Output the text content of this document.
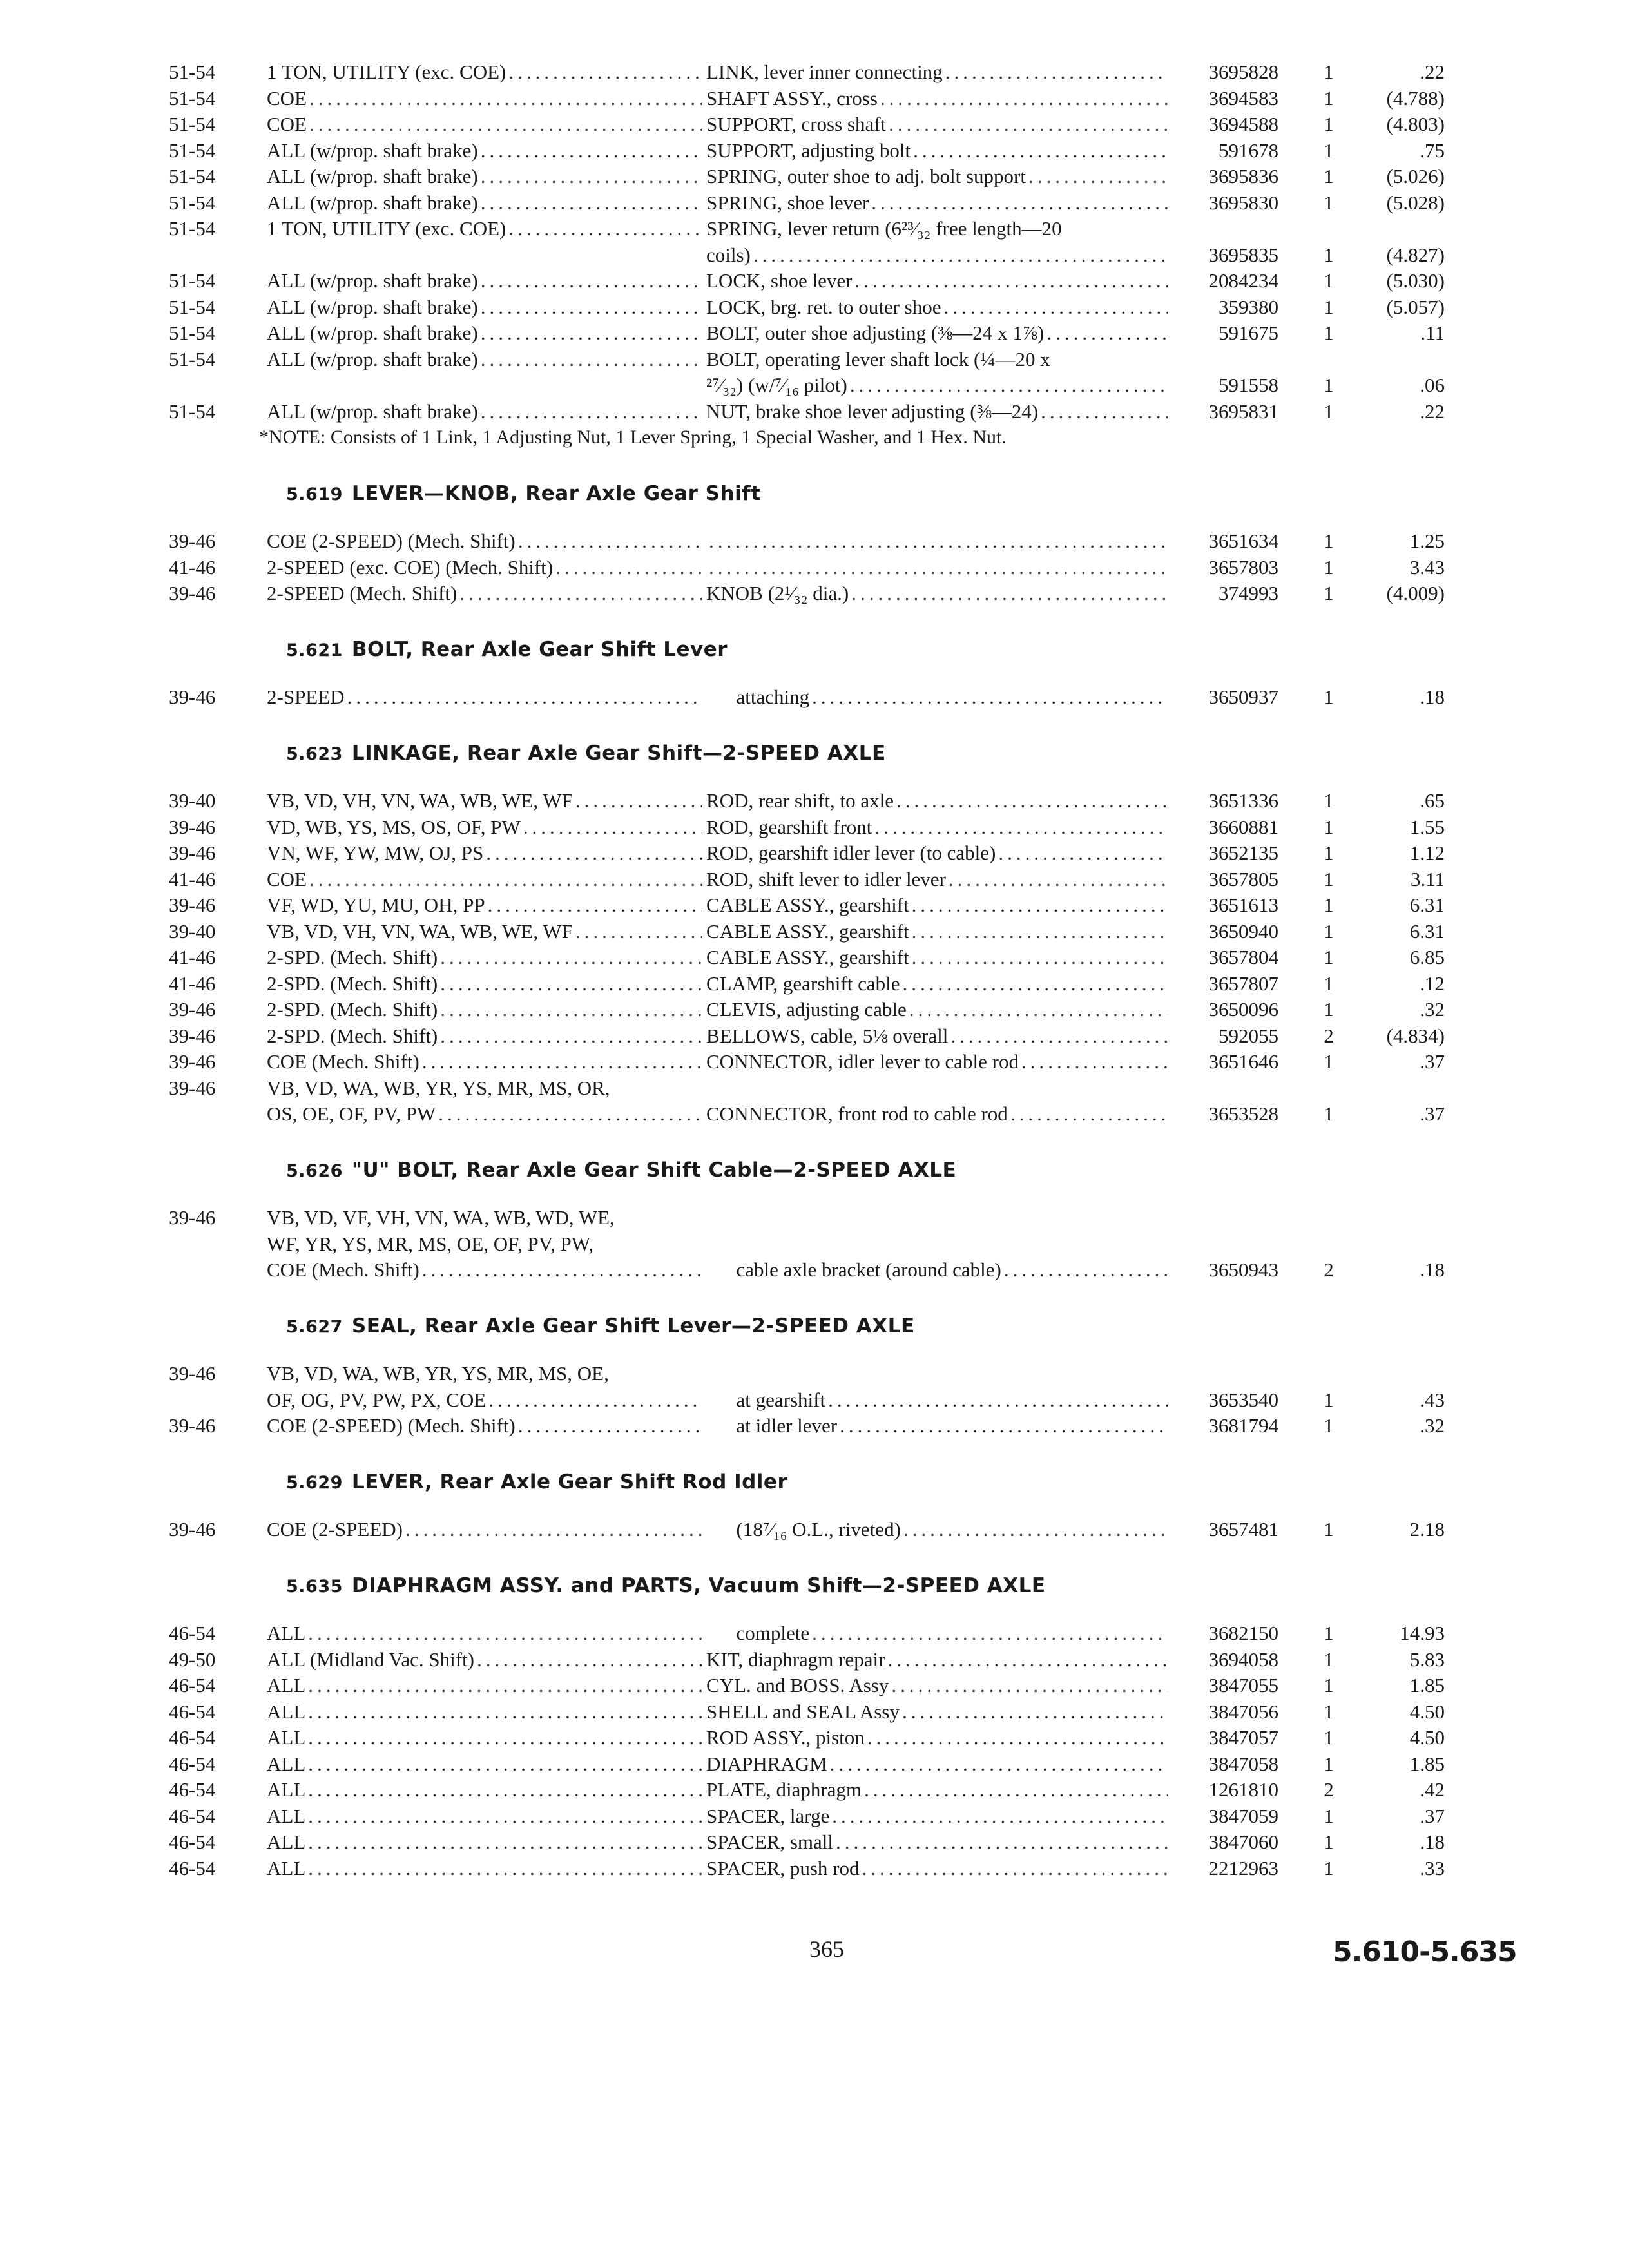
51-54	1 TON, UTILITY (exc. COE) .....	LINK, lever inner connecting .....	3695828	1	.22
51-54	COE .....	SHAFT ASSY., cross .....	3694583	1	(4.788)
51-54	COE .....	SUPPORT, cross shaft .....	3694588	1	(4.803)
51-54	ALL (w/prop. shaft brake) .....	SUPPORT, adjusting bolt .....	591678	1	.75
51-54	ALL (w/prop. shaft brake) .....	SPRING, outer shoe to adj. bolt support .....	3695836	1	(5.026)
51-54	ALL (w/prop. shaft brake) .....	SPRING, shoe lever .....	3695830	1	(5.028)
51-54	1 TON, UTILITY (exc. COE) .....	SPRING, lever return (6²³⁄₃₂ free length—20
coils) .....	3695835	1	(4.827)
51-54	ALL (w/prop. shaft brake) .....	LOCK, shoe lever .....	2084234	1	(5.030)
51-54	ALL (w/prop. shaft brake) .....	LOCK, brg. ret. to outer shoe .....	359380	1	(5.057)
51-54	ALL (w/prop. shaft brake) .....	BOLT, outer shoe adjusting (⅜—24 x 1⅞) .....	591675	1	.11
51-54	ALL (w/prop. shaft brake) .....	BOLT, operating lever shaft lock (¼—20 x
²⁷⁄₃₂) (w/⁷⁄₁₆ pilot) .....	591558	1	.06
51-54	ALL (w/prop. shaft brake) .....	NUT, brake shoe lever adjusting (⅜—24) .....	3695831	1	.22
*NOTE: Consists of 1 Link, 1 Adjusting Nut, 1 Lever Spring, 1 Special Washer, and 1 Hex. Nut.
5.619 LEVER—KNOB, Rear Axle Gear Shift
39-46	COE (2-SPEED) (Mech. Shift) ..... .....	3651634	1	1.25
41-46	2-SPEED (exc. COE) (Mech. Shift) ..... .....	3657803	1	3.43
39-46	2-SPEED (Mech. Shift) .....	KNOB (2¹⁄₃₂ dia.) .....	374993	1	(4.009)
5.621 BOLT, Rear Axle Gear Shift Lever
39-46	2-SPEED .....	attaching .....	3650937	1	.18
5.623 LINKAGE, Rear Axle Gear Shift—2-SPEED AXLE
39-40	VB, VD, VH, VN, WA, WB, WE, WF .....	ROD, rear shift, to axle .....	3651336	1	.65
39-46	VD, WB, YS, MS, OS, OF, PW .....	ROD, gearshift front .....	3660881	1	1.55
39-46	VN, WF, YW, MW, OJ, PS .....	ROD, gearshift idler lever (to cable) .....	3652135	1	1.12
41-46	COE .....	ROD, shift lever to idler lever .....	3657805	1	3.11
39-46	VF, WD, YU, MU, OH, PP .....	CABLE ASSY., gearshift .....	3651613	1	6.31
39-40	VB, VD, VH, VN, WA, WB, WE, WF .....	CABLE ASSY., gearshift .....	3650940	1	6.31
41-46	2-SPD. (Mech. Shift) .....	CABLE ASSY., gearshift .....	3657804	1	6.85
41-46	2-SPD. (Mech. Shift) .....	CLAMP, gearshift cable .....	3657807	1	.12
39-46	2-SPD. (Mech. Shift) .....	CLEVIS, adjusting cable .....	3650096	1	.32
39-46	2-SPD. (Mech. Shift) .....	BELLOWS, cable, 5⅛ overall .....	592055	2	(4.834)
39-46	COE (Mech. Shift) .....	CONNECTOR, idler lever to cable rod .....	3651646	1	.37
39-46	VB, VD, WA, WB, YR, YS, MR, MS, OR,
OS, OE, OF, PV, PW .....	CONNECTOR, front rod to cable rod .....	3653528	1	.37
5.626 "U" BOLT, Rear Axle Gear Shift Cable—2-SPEED AXLE
39-46	VB, VD, VF, VH, VN, WA, WB, WD, WE,
WF, YR, YS, MR, MS, OE, OF, PV, PW,
COE (Mech. Shift) .....	cable axle bracket (around cable) .....	3650943	2	.18
5.627 SEAL, Rear Axle Gear Shift Lever—2-SPEED AXLE
39-46	VB, VD, WA, WB, YR, YS, MR, MS, OE,
OF, OG, PV, PW, PX, COE .....	at gearshift .....	3653540	1	.43
39-46	COE (2-SPEED) (Mech. Shift) .....	at idler lever .....	3681794	1	.32
5.629 LEVER, Rear Axle Gear Shift Rod Idler
39-46	COE (2-SPEED) .....	(18⁷⁄₁₆ O.L., riveted) .....	3657481	1	2.18
5.635 DIAPHRAGM ASSY. and PARTS, Vacuum Shift—2-SPEED AXLE
46-54	ALL .....	complete .....	3682150	1	14.93
49-50	ALL (Midland Vac. Shift) .....	KIT, diaphragm repair .....	3694058	1	5.83
46-54	ALL .....	CYL. and BOSS. Assy .....	3847055	1	1.85
46-54	ALL .....	SHELL and SEAL Assy .....	3847056	1	4.50
46-54	ALL .....	ROD ASSY., piston .....	3847057	1	4.50
46-54	ALL .....	DIAPHRAGM .....	3847058	1	1.85
46-54	ALL .....	PLATE, diaphragm .....	1261810	2	.42
46-54	ALL .....	SPACER, large .....	3847059	1	.37
46-54	ALL .....	SPACER, small .....	3847060	1	.18
46-54	ALL .....	SPACER, push rod .....	2212963	1	.33
365	5.610-5.635
